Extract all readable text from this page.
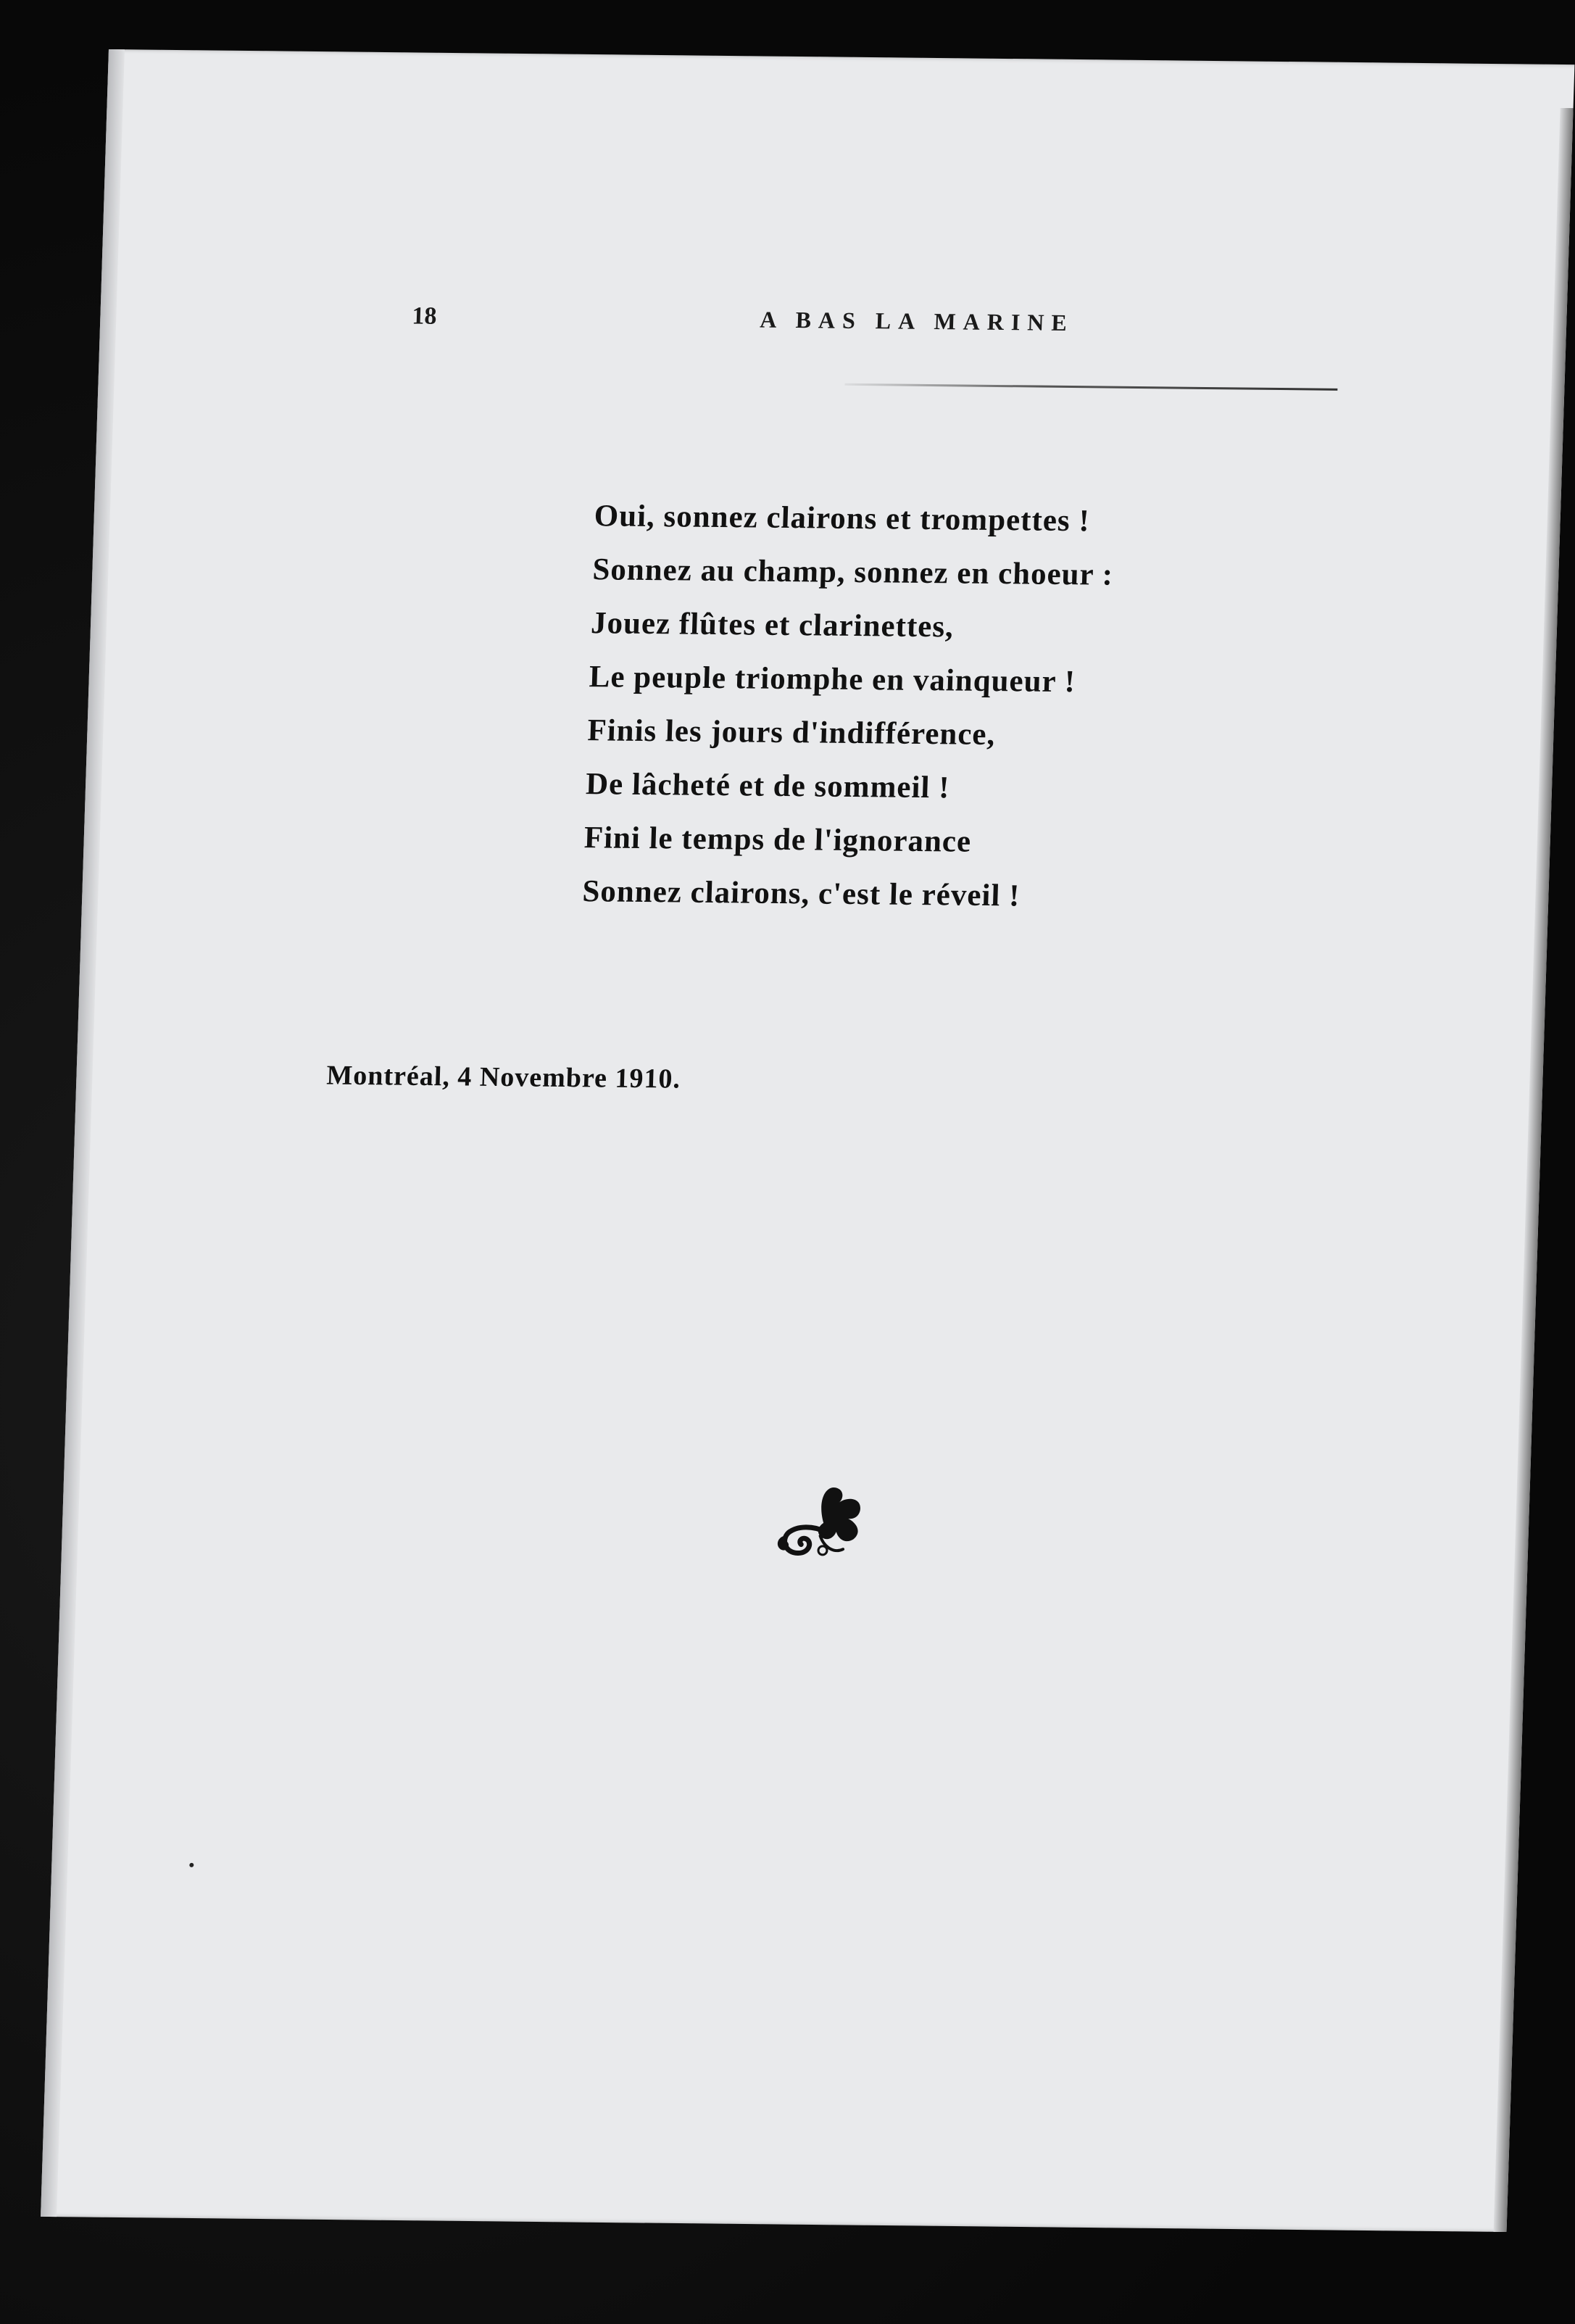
18	A BAS LA MARINE
Oui, sonnez clairons et trompettes !
Sonnez au champ, sonnez en choeur :
Jouez flûtes et clarinettes,
Le peuple triomphe en vainqueur !
Finis les jours d'indifférence,
De lâcheté et de sommeil !
Fini le temps de l'ignorance
Sonnez clairons, c'est le réveil !
Montréal, 4 Novembre 1910.
